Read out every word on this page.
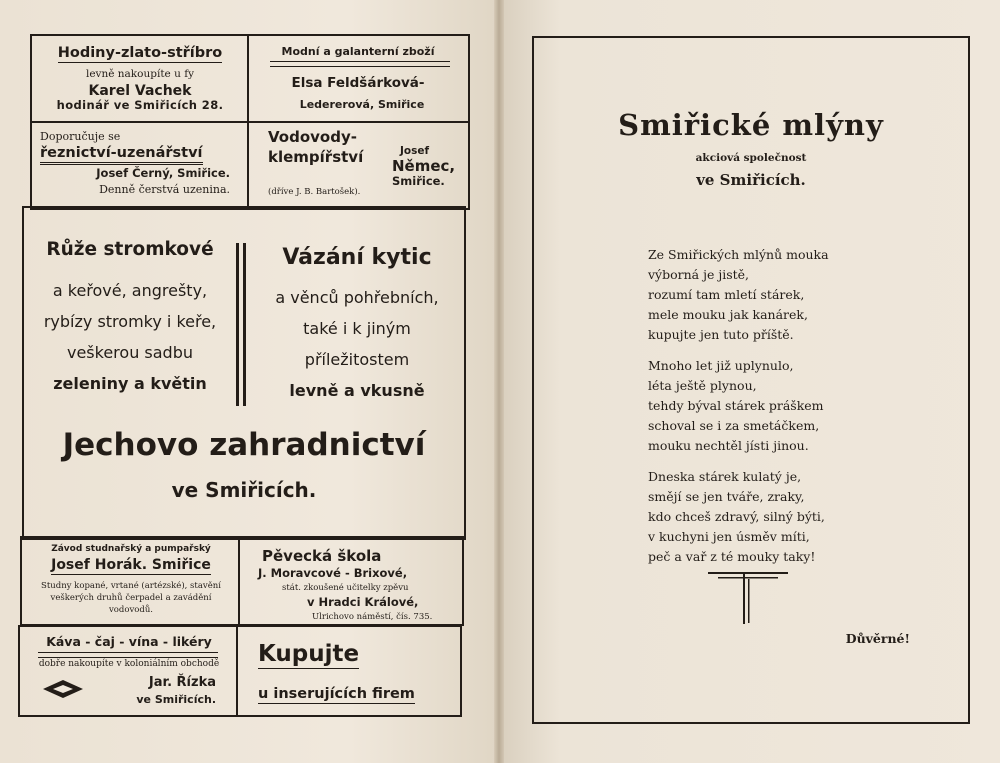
Hodiny-zlato-stříbro

levně nakoupíte u fy

Karel Vachek

hodinář ve Smiřicích 28.

Modní a galanterní zboží

Elsa Feldšárková-

Ledererová, Smiřice

Doporučuje se

řeznictví-uzenářství

Josef Černý, Smiřice.

Denně čerstvá uzenina.

Vodovody-

klempířství	Josef

Němec,

Smiřice.

(dříve J. B. Bartošek).

Růže stromkové

a keřové, angrešty,

rybízy stromky i keře,

veškerou sadbu

zeleniny a květin

Vázání kytic

a věnců pohřebních,

také i k jiným

příležitostem

levně a vkusně

Jechovo zahradnictví

ve Smiřicích.

Závod studnařský a pumpařský

Josef Horák. Smiřice

Studny kopané, vrtané (artézské), stavění

veškerých druhů čerpadel a zavádění

vodovodů.

Pěvecká škola

J. Moravcové - Brixové,

stát. zkoušené učitelky zpěvu

v Hradci Králové,

Ulrichovo náměstí, čís. 735.

Káva - čaj - vína - likéry

dobře nakoupíte v koloniálním obchodě

Jar. Řízka

ve Smiřicích.

Kupujte

u inserujících firem

Smiřické mlýny

akciová společnost

ve Smiřicích.

Ze Smiřických mlýnů mouka
výborná je jistě,
rozumí tam mletí stárek,
mele mouku jak kanárek,
kupujte jen tuto příště.
Mnoho let již uplynulo,
léta ještě plynou,
tehdy býval stárek práškem
schoval se i za smetáčkem,
mouku nechtěl jísti jinou.
Dneska stárek kulatý je,
smějí se jen tváře, zraky,
kdo chceš zdravý, silný býti,
v kuchyni jen úsměv míti,
peč a vař z té mouky taky!

Důvěrné!
